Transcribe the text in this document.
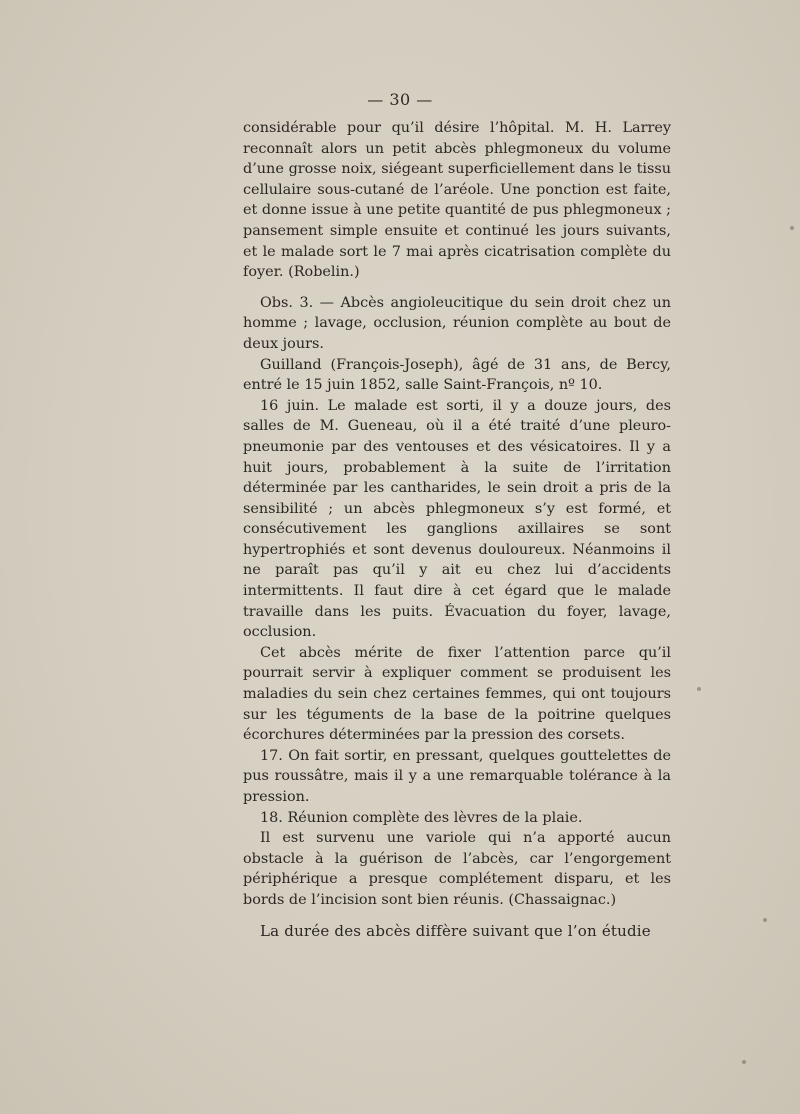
— 30 —

considérable pour qu’il désire l’hôpital. M. H. Larrey reconnaît alors un petit abcès phlegmoneux du volume d’une grosse noix, siégeant superficiellement dans le tissu cellulaire sous-cutané de l’aréole. Une ponction est faite, et donne issue à une petite quantité de pus phlegmoneux ; pansement simple ensuite et continué les jours suivants, et le malade sort le 7 mai après cicatrisation complète du foyer. (Robelin.)

Obs. 3. — Abcès angioleucitique du sein droit chez un homme ; lavage, occlusion, réunion complète au bout de deux jours.

Guilland (François-Joseph), âgé de 31 ans, de Bercy, entré le 15 juin 1852, salle Saint-François, nº 10.

16 juin. Le malade est sorti, il y a douze jours, des salles de M. Gueneau, où il a été traité d’une pleuro-pneumonie par des ventouses et des vésicatoires. Il y a huit jours, probablement à la suite de l’irritation déterminée par les cantharides, le sein droit a pris de la sensibilité ; un abcès phlegmoneux s’y est formé, et consécutivement les ganglions axillaires se sont hypertrophiés et sont devenus douloureux. Néanmoins il ne paraît pas qu’il y ait eu chez lui d’accidents intermittents. Il faut dire à cet égard que le malade travaille dans les puits. Évacuation du foyer, lavage, occlusion.

Cet abcès mérite de fixer l’attention parce qu’il pourrait servir à expliquer comment se produisent les maladies du sein chez certaines femmes, qui ont toujours sur les téguments de la base de la poitrine quelques écorchures déterminées par la pression des corsets.

17. On fait sortir, en pressant, quelques gouttelettes de pus roussâtre, mais il y a une remarquable tolérance à la pression.

18. Réunion complète des lèvres de la plaie.

Il est survenu une variole qui n’a apporté aucun obstacle à la guérison de l’abcès, car l’engorgement périphérique a presque complétement disparu, et les bords de l’incision sont bien réunis. (Chassaignac.)

La durée des abcès diffère suivant que l’on étudie
